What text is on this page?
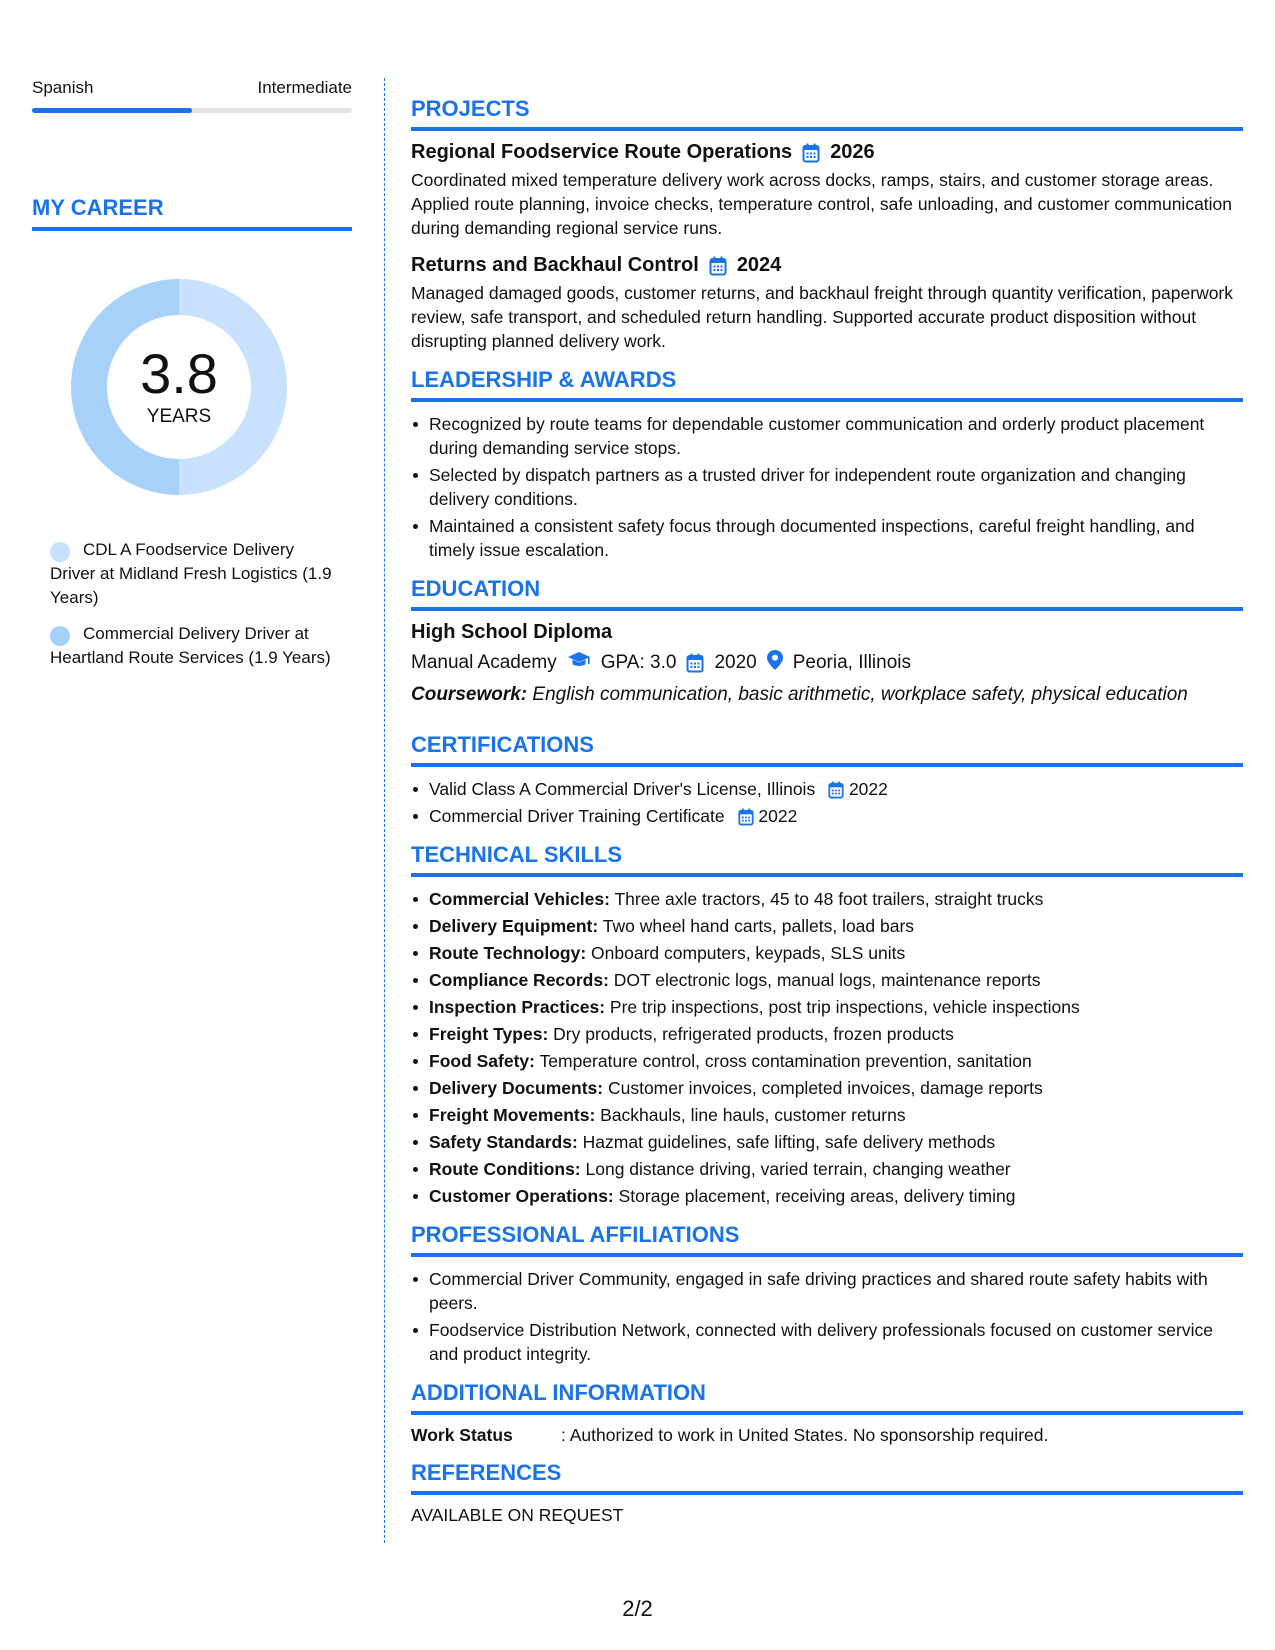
Spanish	Intermediate
MY CAREER
3.8
YEARS
CDL A Foodservice Delivery Driver at Midland Fresh Logistics (1.9 Years)
Commercial Delivery Driver at Heartland Route Services (1.9 Years)
PROJECTS
Regional Foodservice Route Operations 2026
Coordinated mixed temperature delivery work across docks, ramps, stairs, and customer storage areas. Applied route planning, invoice checks, temperature control, safe unloading, and customer communication during demanding regional service runs.
Returns and Backhaul Control 2024
Managed damaged goods, customer returns, and backhaul freight through quantity verification, paperwork review, safe transport, and scheduled return handling. Supported accurate product disposition without disrupting planned delivery work.
LEADERSHIP & AWARDS
Recognized by route teams for dependable customer communication and orderly product placement during demanding service stops.
Selected by dispatch partners as a trusted driver for independent route organization and changing delivery conditions.
Maintained a consistent safety focus through documented inspections, careful freight handling, and timely issue escalation.
EDUCATION
High School Diploma
Manual Academy GPA: 3.0 2020 Peoria, Illinois
Coursework: English communication, basic arithmetic, workplace safety, physical education
CERTIFICATIONS
Valid Class A Commercial Driver's License, Illinois 2022
Commercial Driver Training Certificate 2022
TECHNICAL SKILLS
Commercial Vehicles: Three axle tractors, 45 to 48 foot trailers, straight trucks
Delivery Equipment: Two wheel hand carts, pallets, load bars
Route Technology: Onboard computers, keypads, SLS units
Compliance Records: DOT electronic logs, manual logs, maintenance reports
Inspection Practices: Pre trip inspections, post trip inspections, vehicle inspections
Freight Types: Dry products, refrigerated products, frozen products
Food Safety: Temperature control, cross contamination prevention, sanitation
Delivery Documents: Customer invoices, completed invoices, damage reports
Freight Movements: Backhauls, line hauls, customer returns
Safety Standards: Hazmat guidelines, safe lifting, safe delivery methods
Route Conditions: Long distance driving, varied terrain, changing weather
Customer Operations: Storage placement, receiving areas, delivery timing
PROFESSIONAL AFFILIATIONS
Commercial Driver Community, engaged in safe driving practices and shared route safety habits with peers.
Foodservice Distribution Network, connected with delivery professionals focused on customer service and product integrity.
ADDITIONAL INFORMATION
Work Status	: Authorized to work in United States. No sponsorship required.
REFERENCES
AVAILABLE ON REQUEST
2/2
